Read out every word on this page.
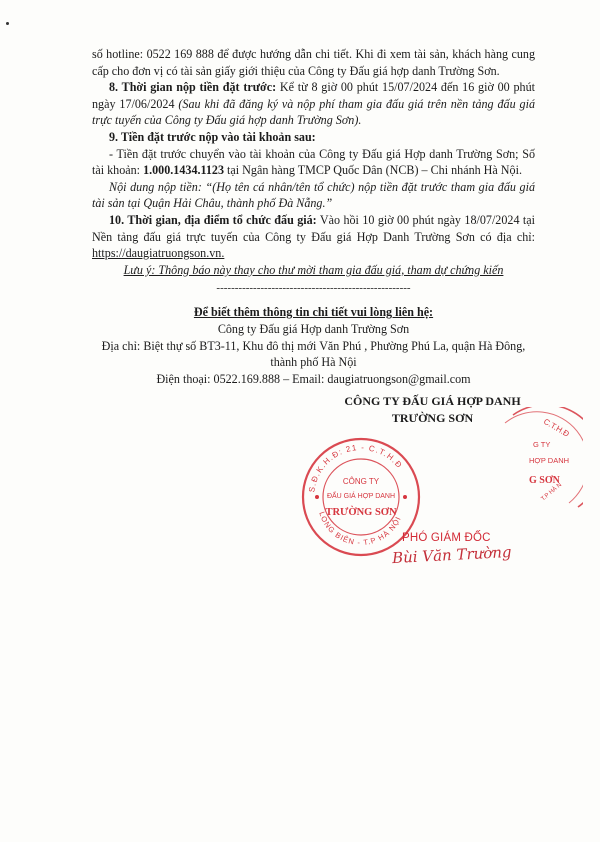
số hotline: 0522 169 888 để được hướng dẫn chi tiết. Khi đi xem tài sản, khách hàng cung cấp cho đơn vị có tài sản giấy giới thiệu của Công ty Đấu giá hợp danh Trường Sơn.

8. Thời gian nộp tiền đặt trước: Kể từ 8 giờ 00 phút 15/07/2024 đến 16 giờ 00 phút ngày 17/06/2024 (Sau khi đã đăng ký và nộp phí tham gia đấu giá trên nền tảng đấu giá trực tuyến của Công ty Đấu giá hợp danh Trường Sơn).

9. Tiền đặt trước nộp vào tài khoản sau:

- Tiền đặt trước chuyển vào tài khoản của Công ty Đấu giá Hợp danh Trường Sơn; Số tài khoản: 1.000.1434.1123 tại Ngân hàng TMCP Quốc Dân (NCB) – Chi nhánh Hà Nội.

Nội dung nộp tiền: “(Họ tên cá nhân/tên tổ chức) nộp tiền đặt trước tham gia đấu giá tài sản tại Quận Hải Châu, thành phố Đà Nẵng.”

10. Thời gian, địa điểm tổ chức đấu giá: Vào hồi 10 giờ 00 phút ngày 18/07/2024 tại Nền tảng đấu giá trực tuyến của Công ty Đấu giá Hợp Danh Trường Sơn có địa chỉ: https://daugiatruongson.vn.

Lưu ý: Thông báo này thay cho thư mời tham gia đấu giá, tham dự chứng kiến

-----------------------------------------------------

Để biết thêm thông tin chi tiết vui lòng liên hệ:

Công ty Đấu giá Hợp danh Trường Sơn

Địa chỉ: Biệt thự số BT3-11, Khu đô thị mới Văn Phú , Phường Phú La, quận Hà Đông, thành phố Hà Nội

Điện thoại: 0522.169.888 – Email: daugiatruongson@gmail.com

CÔNG TY ĐẤU GIÁ HỢP DANH
TRƯỜNG SƠN	C.T.H.Đ
G TY
HỢP DANH
G SƠN
T.P HÀ N
S.Đ.K.H.Đ: 21 - C.T.H.Đ
LONG BIÊN - T.P HÀ NỘI
CÔNG TY
ĐẤU GIÁ HỢP DANH
TRƯỜNG SƠN
PHÓ GIÁM ĐỐC
Bùi Văn Trường
